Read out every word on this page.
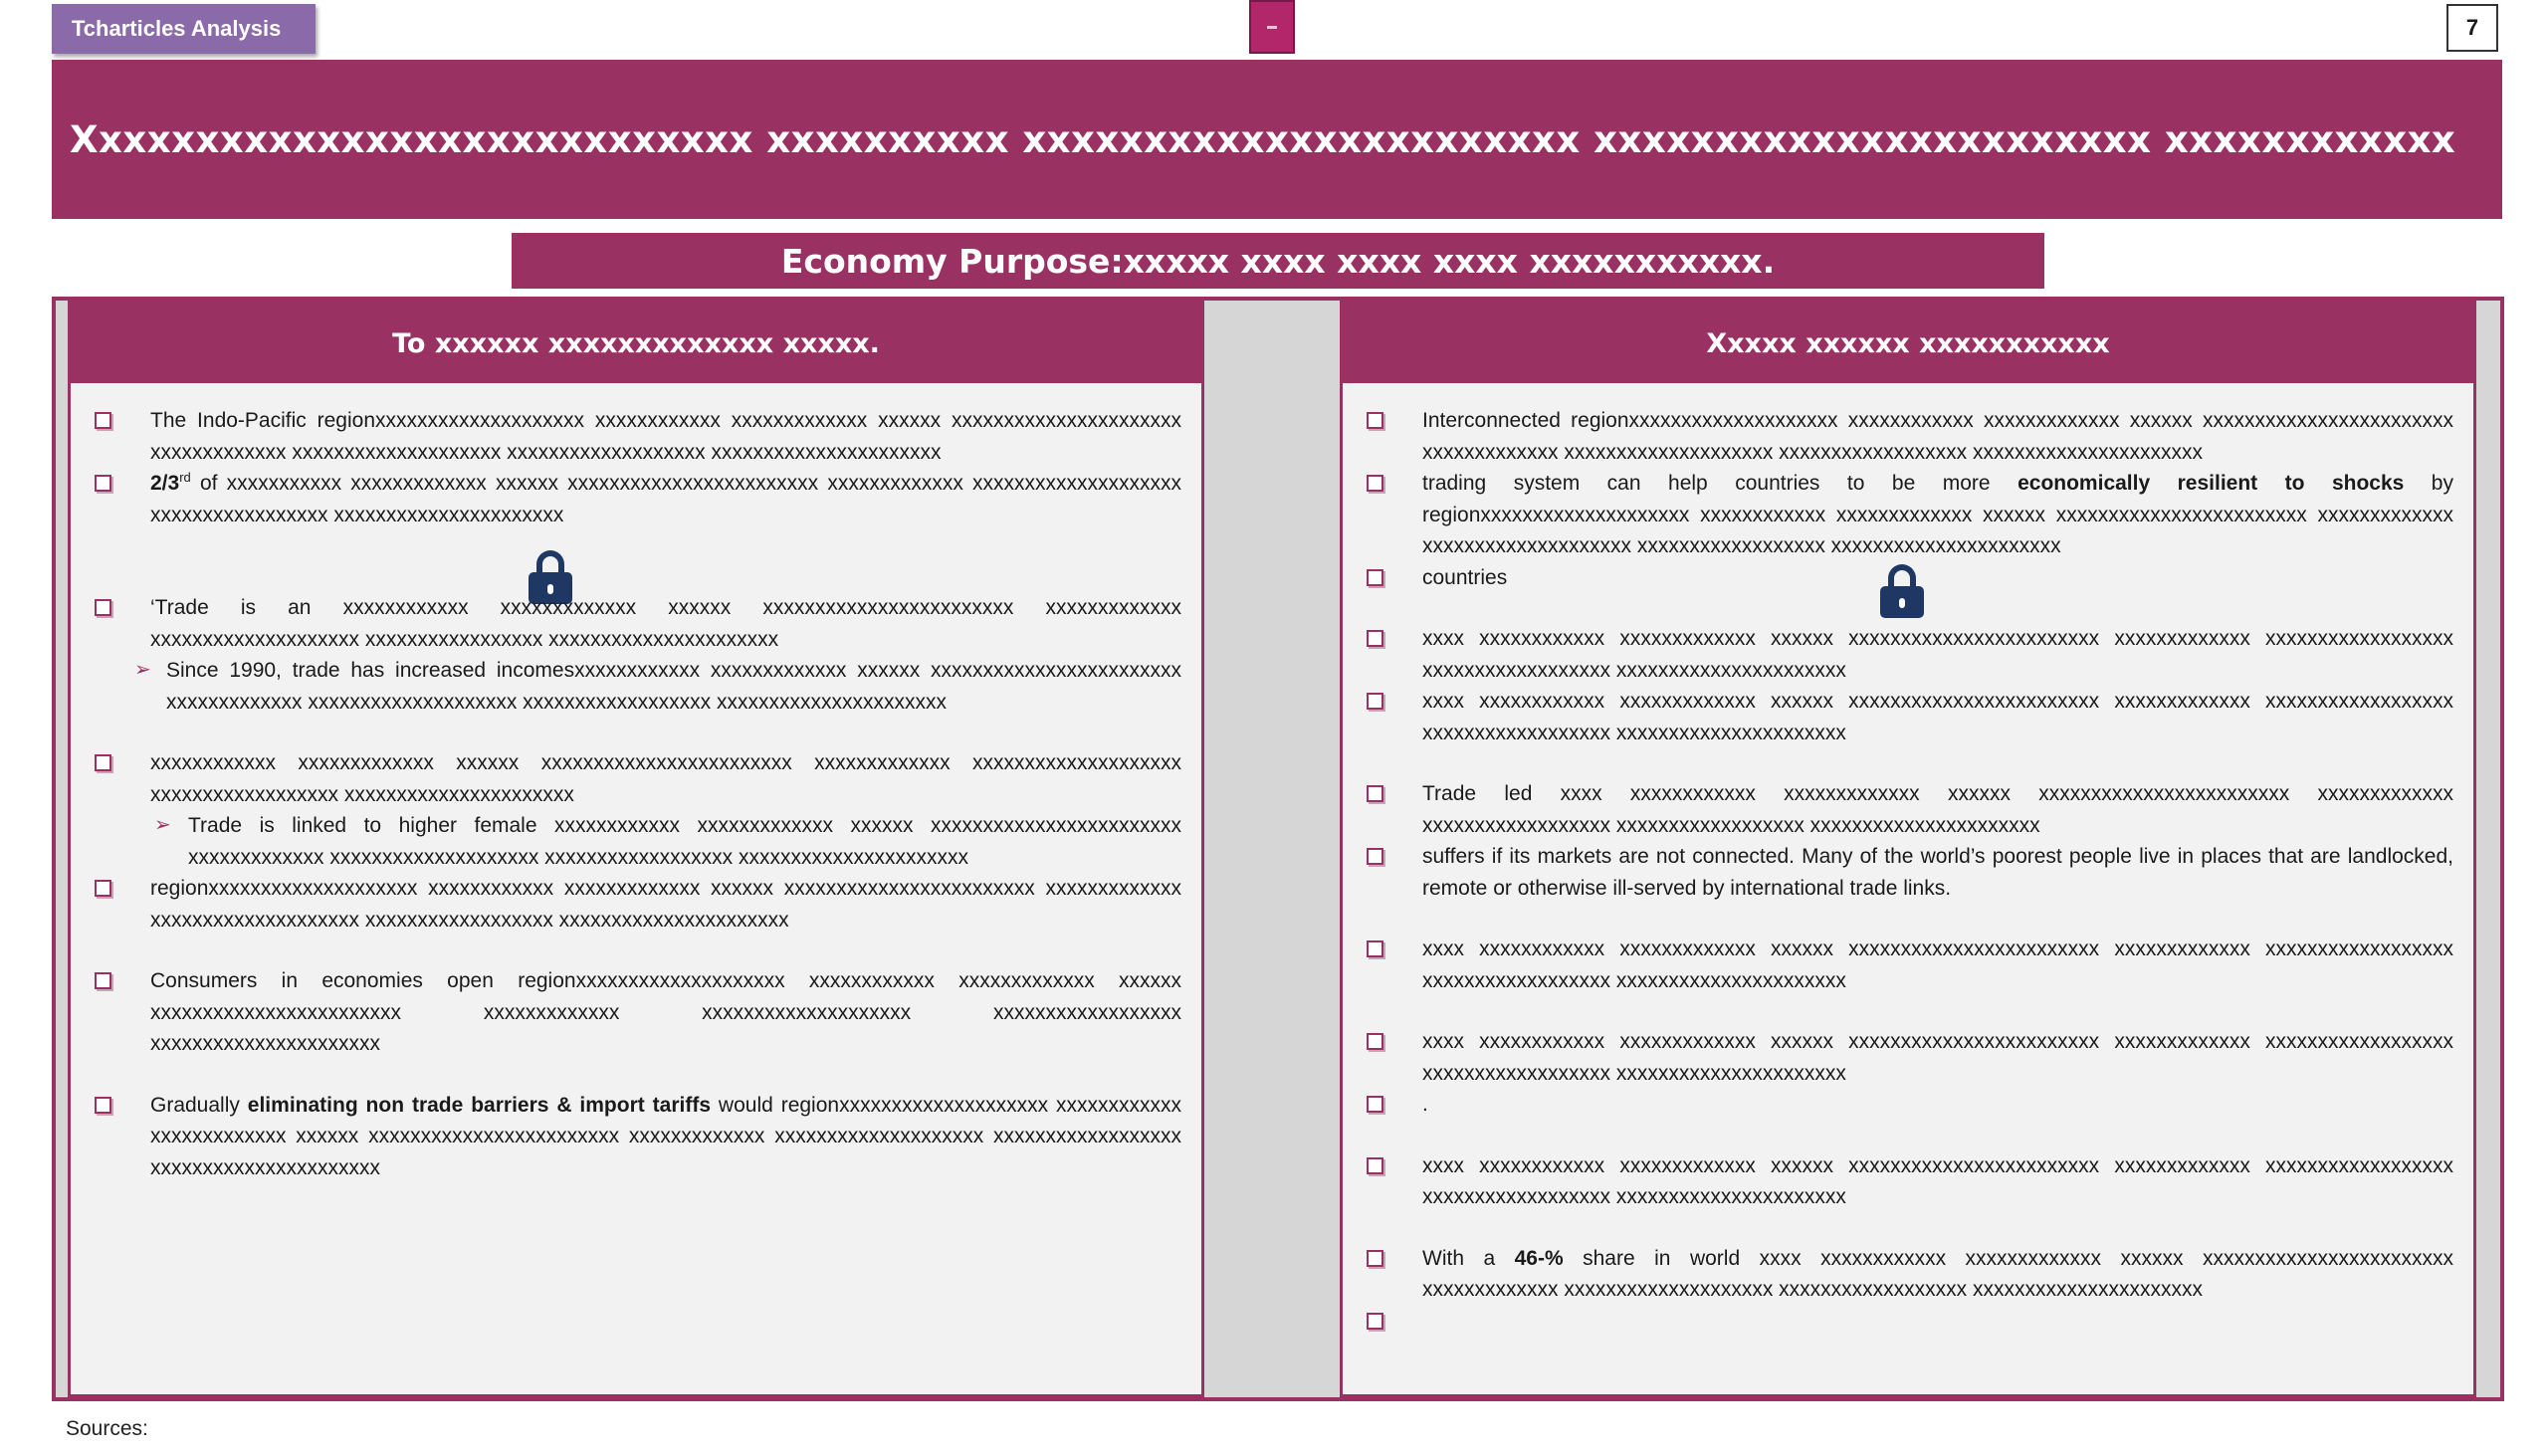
Tcharticles Analysis	7
Xxxxxxxxxxxxxxxxxxxxxxxxxxxx xxxxxxxxxx xxxxxxxxxxxxxxxxxxxxxxx xxxxxxxxxxxxxxxxxxxxxxx xxxxxxxxxxxx
Economy Purpose:xxxxx xxxx xxxx xxxx xxxxxxxxxxx.
To xxxxxx xxxxxxxxxxxxx xxxxx.
The Indo-Pacific regionxxxxxxxxxxxxxxxxxxxx xxxxxxxxxxxx xxxxxxxxxxxxx xxxxxx xxxxxxxxxxxxxxxxxxxxxx xxxxxxxxxxxxx xxxxxxxxxxxxxxxxxxxx xxxxxxxxxxxxxxxxxxx xxxxxxxxxxxxxxxxxxxxxx
2/3rd of xxxxxxxxxxx xxxxxxxxxxxxx xxxxxx xxxxxxxxxxxxxxxxxxxxxxxx xxxxxxxxxxxxx xxxxxxxxxxxxxxxxxxxx xxxxxxxxxxxxxxxxx xxxxxxxxxxxxxxxxxxxxxx
‘Trade is an xxxxxxxxxxxx xxxxxxxxxxxxx xxxxxx xxxxxxxxxxxxxxxxxxxxxxxx xxxxxxxxxxxxx xxxxxxxxxxxxxxxxxxxx xxxxxxxxxxxxxxxxx xxxxxxxxxxxxxxxxxxxxxx
➢ Since 1990, trade has increased incomesxxxxxxxxxxxx xxxxxxxxxxxxx xxxxxx xxxxxxxxxxxxxxxxxxxxxxxx xxxxxxxxxxxxx xxxxxxxxxxxxxxxxxxxx xxxxxxxxxxxxxxxxxx xxxxxxxxxxxxxxxxxxxxxx
xxxxxxxxxxxx xxxxxxxxxxxxx xxxxxx xxxxxxxxxxxxxxxxxxxxxxxx xxxxxxxxxxxxx xxxxxxxxxxxxxxxxxxxx xxxxxxxxxxxxxxxxxx xxxxxxxxxxxxxxxxxxxxxx
➢ Trade is linked to higher female xxxxxxxxxxxx xxxxxxxxxxxxx xxxxxx xxxxxxxxxxxxxxxxxxxxxxxx xxxxxxxxxxxxx xxxxxxxxxxxxxxxxxxxx xxxxxxxxxxxxxxxxxx xxxxxxxxxxxxxxxxxxxxxx
regionxxxxxxxxxxxxxxxxxxxx xxxxxxxxxxxx xxxxxxxxxxxxx xxxxxx xxxxxxxxxxxxxxxxxxxxxxxx xxxxxxxxxxxxx xxxxxxxxxxxxxxxxxxxx xxxxxxxxxxxxxxxxxx xxxxxxxxxxxxxxxxxxxxxx
Consumers in economies open regionxxxxxxxxxxxxxxxxxxxx xxxxxxxxxxxx xxxxxxxxxxxxx xxxxxx xxxxxxxxxxxxxxxxxxxxxxxx xxxxxxxxxxxxx xxxxxxxxxxxxxxxxxxxx xxxxxxxxxxxxxxxxxx xxxxxxxxxxxxxxxxxxxxxx
Gradually eliminating non trade barriers & import tariffs would regionxxxxxxxxxxxxxxxxxxxx xxxxxxxxxxxx xxxxxxxxxxxxx xxxxxx xxxxxxxxxxxxxxxxxxxxxxxx xxxxxxxxxxxxx xxxxxxxxxxxxxxxxxxxx xxxxxxxxxxxxxxxxxx xxxxxxxxxxxxxxxxxxxxxx
Xxxxx xxxxxx xxxxxxxxxxx
Interconnected regionxxxxxxxxxxxxxxxxxxxx xxxxxxxxxxxx xxxxxxxxxxxxx xxxxxx xxxxxxxxxxxxxxxxxxxxxxxx xxxxxxxxxxxxx xxxxxxxxxxxxxxxxxxxx xxxxxxxxxxxxxxxxxx xxxxxxxxxxxxxxxxxxxxxx
trading system can help countries to be more economically resilient to shocks by regionxxxxxxxxxxxxxxxxxxxx xxxxxxxxxxxx xxxxxxxxxxxxx xxxxxx xxxxxxxxxxxxxxxxxxxxxxxx xxxxxxxxxxxxx xxxxxxxxxxxxxxxxxxxx xxxxxxxxxxxxxxxxxx xxxxxxxxxxxxxxxxxxxxxx
countries
xxxx xxxxxxxxxxxx xxxxxxxxxxxxx xxxxxx xxxxxxxxxxxxxxxxxxxxxxxx xxxxxxxxxxxxx xxxxxxxxxxxxxxxxxx xxxxxxxxxxxxxxxxxx xxxxxxxxxxxxxxxxxxxxxx
xxxx xxxxxxxxxxxx xxxxxxxxxxxxx xxxxxx xxxxxxxxxxxxxxxxxxxxxxxx xxxxxxxxxxxxx xxxxxxxxxxxxxxxxxx xxxxxxxxxxxxxxxxxx xxxxxxxxxxxxxxxxxxxxxx
Trade led xxxx xxxxxxxxxxxx xxxxxxxxxxxxx xxxxxx xxxxxxxxxxxxxxxxxxxxxxxx xxxxxxxxxxxxx xxxxxxxxxxxxxxxxxx xxxxxxxxxxxxxxxxxx xxxxxxxxxxxxxxxxxxxxxx
suffers if its markets are not connected. Many of the world’s poorest people live in places that are landlocked, remote or otherwise ill-served by international trade links.
xxxx xxxxxxxxxxxx xxxxxxxxxxxxx xxxxxx xxxxxxxxxxxxxxxxxxxxxxxx xxxxxxxxxxxxx xxxxxxxxxxxxxxxxxx xxxxxxxxxxxxxxxxxx xxxxxxxxxxxxxxxxxxxxxx
xxxx xxxxxxxxxxxx xxxxxxxxxxxxx xxxxxx xxxxxxxxxxxxxxxxxxxxxxxx xxxxxxxxxxxxx xxxxxxxxxxxxxxxxxx xxxxxxxxxxxxxxxxxx xxxxxxxxxxxxxxxxxxxxxx
.
xxxx xxxxxxxxxxxx xxxxxxxxxxxxx xxxxxx xxxxxxxxxxxxxxxxxxxxxxxx xxxxxxxxxxxxx xxxxxxxxxxxxxxxxxx xxxxxxxxxxxxxxxxxx xxxxxxxxxxxxxxxxxxxxxx
With a 46-% share in world xxxx xxxxxxxxxxxx xxxxxxxxxxxxx xxxxxx xxxxxxxxxxxxxxxxxxxxxxxx xxxxxxxxxxxxx xxxxxxxxxxxxxxxxxxxx xxxxxxxxxxxxxxxxxx xxxxxxxxxxxxxxxxxxxxxx

Sources:
